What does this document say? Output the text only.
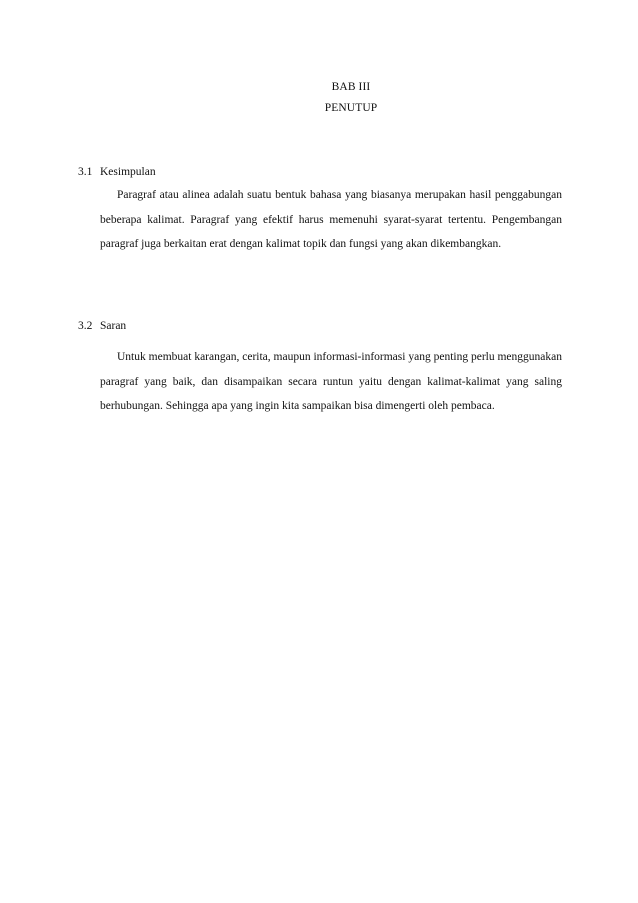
BAB III
PENUTUP
3.1 Kesimpulan

Paragraf atau alinea adalah suatu bentuk bahasa yang biasanya merupakan hasil penggabungan beberapa kalimat. Paragraf yang efektif harus memenuhi syarat-syarat tertentu. Pengembangan paragraf juga berkaitan erat dengan kalimat topik dan fungsi yang akan dikembangkan.

3.2 Saran

Untuk membuat karangan, cerita, maupun informasi-informasi yang penting perlu menggunakan paragraf yang baik, dan disampaikan secara runtun yaitu dengan kalimat-kalimat yang saling berhubungan. Sehingga apa yang ingin kita sampaikan bisa dimengerti oleh pembaca.
